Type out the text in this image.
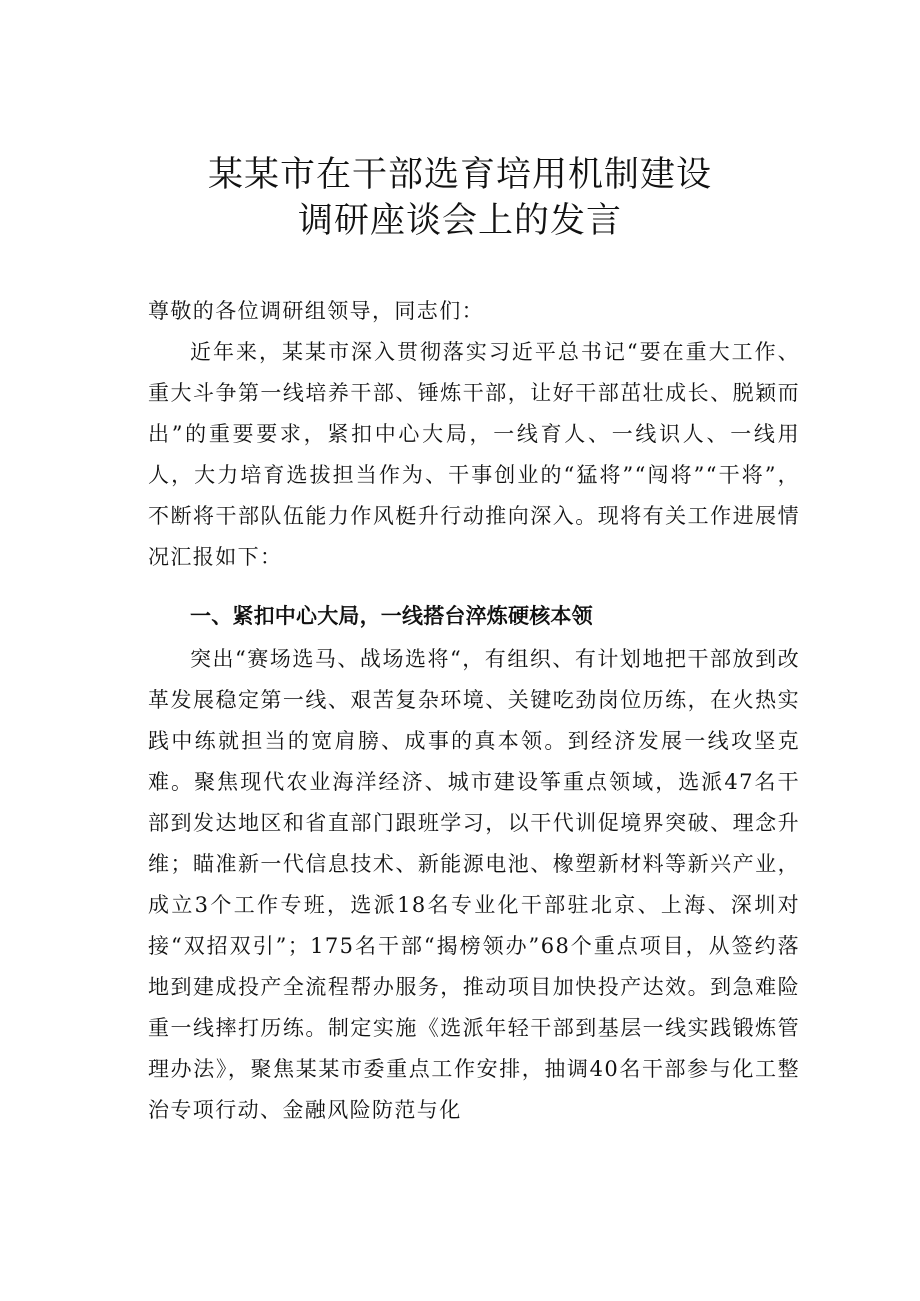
某某市在干部选育培用机制建设
调研座谈会上的发言

尊敬的各位调研组领导，同志们：

近年来，某某市深入贯彻落实习近平总书记“要在重大工作、重大斗争第一线培养干部、锤炼干部，让好干部茁壮成长、脱颖而出”的重要要求，紧扣中心大局，一线育人、一线识人、一线用人，大力培育选拔担当作为、干事创业的“猛将”“闯将”“干将”，不断将干部队伍能力作风梃升行动推向深入。现将有关工作进展情况汇报如下：

一、紧扣中心大局，一线搭台淬炼硬核本领

突出“赛场选马、战场选将“，有组织、有计划地把干部放到改革发展稳定第一线、艰苦复杂环境、关键吃劲岗位历练，在火热实践中练就担当的宽肩膀、成事的真本领。到经济发展一线攻坚克难。聚焦现代农业海洋经济、城市建设筝重点领域，选派47名干部到发达地区和省直部门跟班学习，以干代训促境界突破、理念升维；瞄准新一代信息技术、新能源电池、橡塑新材料等新兴产业，成立3个工作专班，选派18名专业化干部驻北京、上海、深圳对接“双招双引”；175名干部“揭榜领办”68个重点项目，从签约落地到建成投产全流程帮办服务，推动项目加快投产达效。到急难险重一线摔打历练。制定实施《选派年轻干部到基层一线实践锻炼管理办法》，聚焦某某市委重点工作安排，抽调40名干部参与化工整治专项行动、金融风险防范与化
